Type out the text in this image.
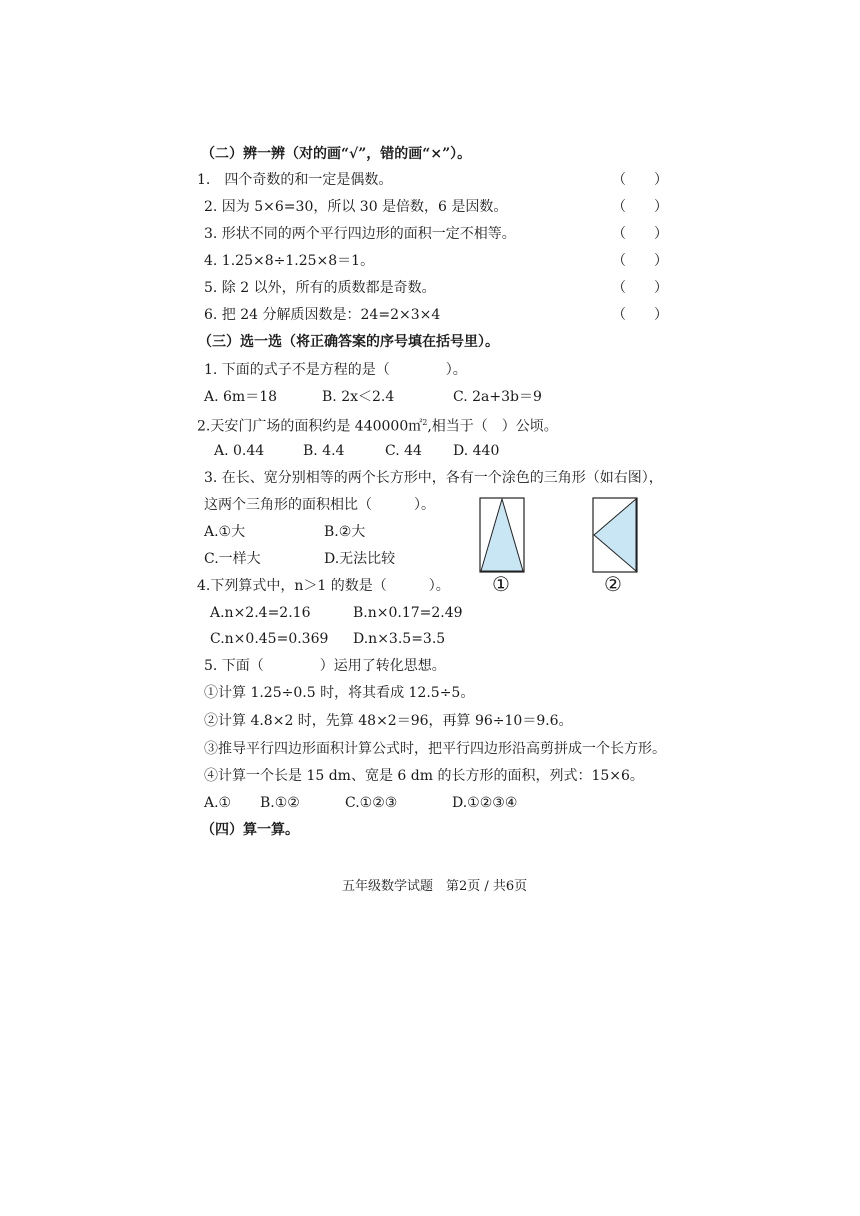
（二）辨一辨（对的画“√”，错的画“×”）。
1.　四个奇数的和一定是偶数。	（　　）
2. 因为 5×6=30，所以 30 是倍数，6 是因数。	（　　）
3. 形状不同的两个平行四边形的面积一定不相等。	（　　）
4. 1.25×8÷1.25×8＝1。	（　　）
5. 除 2 以外，所有的质数都是奇数。	（　　）
6. 把 24 分解质因数是：24=2×3×4	（　　）
（三）选一选（将正确答案的序号填在括号里）。
1. 下面的式子不是方程的是（　　　　）。
A. 6m＝18	B. 2x＜2.4	C. 2a+3b＝9
2.天安门广场的面积约是 440000㎡$^2$,相当于（　）公顷。
A. 0.44	B. 4.4	C. 44 D. 440
3. 在长、宽分别相等的两个长方形中，各有一个涂色的三角形（如右图），
这两个三角形的面积相比（　　　）。
A.①大	B.②大
C.一样大	D.无法比较
①	②
4.下列算式中，n＞1 的数是（　　　）。
A.n×2.4=2.16	B.n×0.17=2.49
C.n×0.45=0.369 D.n×3.5=3.5
5. 下面（　　　　）运用了转化思想。
①计算 1.25÷0.5 时，将其看成 12.5÷5。
②计算 4.8×2 时，先算 48×2＝96，再算 96÷10＝9.6。
③推导平行四边形面积计算公式时，把平行四边形沿高剪拼成一个长方形。
④计算一个长是 15 dm、宽是 6 dm 的长方形的面积，列式：15×6。
A.① B.①②	C.①②③	D.①②③④
（四）算一算。
五年级数学试题　第2页 / 共6页
